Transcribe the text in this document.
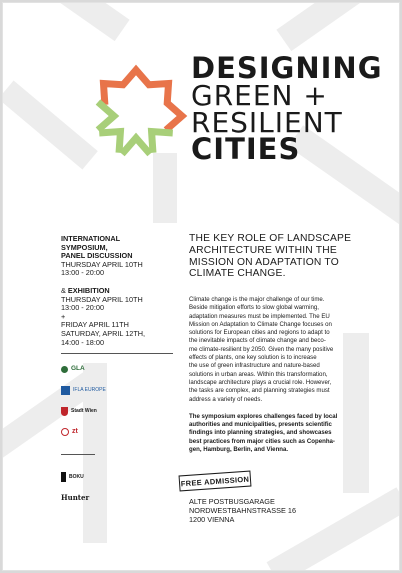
DESIGNING
GREEN +
RESILIENT
CITIES
INTERNATIONAL
SYMPOSIUM,
PANEL DISCUSSION
THURSDAY APRIL 10TH
13:00 - 20:00
& EXHIBITION
THURSDAY APRIL 10TH
13:00 - 20:00
+
FRIDAY APRIL 11TH
SATURDAY, APRIL 12TH,
14:00 - 18:00
GLA
IFLA EUROPE
Stadt Wien
zt
BOKU
Hunter
THE KEY ROLE OF LANDSCAPE ARCHITECTURE WITHIN THE MISSION ON ADAPTATION TO CLIMATE CHANGE.
Climate change is the major challenge of our time.
Beside mitigation efforts to slow global warming,
adaptation measures must be implemented. The EU
Mission on Adaptation to Climate Change focuses on
solutions for European cities and regions to adapt to
the inevitable impacts of climate change and beco-
me climate-resilient by 2050. Given the many positive
effects of plants, one key solution is to increase
the use of green infrastructure and nature-based
solutions in urban areas. Within this transformation,
landscape architecture plays a crucial role. However,
the tasks are complex, and planning strategies must
address a variety of needs.
The symposium explores challenges faced by local
authorities and municipalities, presents scientific
findings into planning strategies, and showcases
best practices from major cities such as Copenha-
gen, Hamburg, Berlin, and Vienna.
FREE ADMISSION
ALTE POSTBUSGARAGE
NORDWESTBAHNSTRASSE 16
1200 VIENNA
